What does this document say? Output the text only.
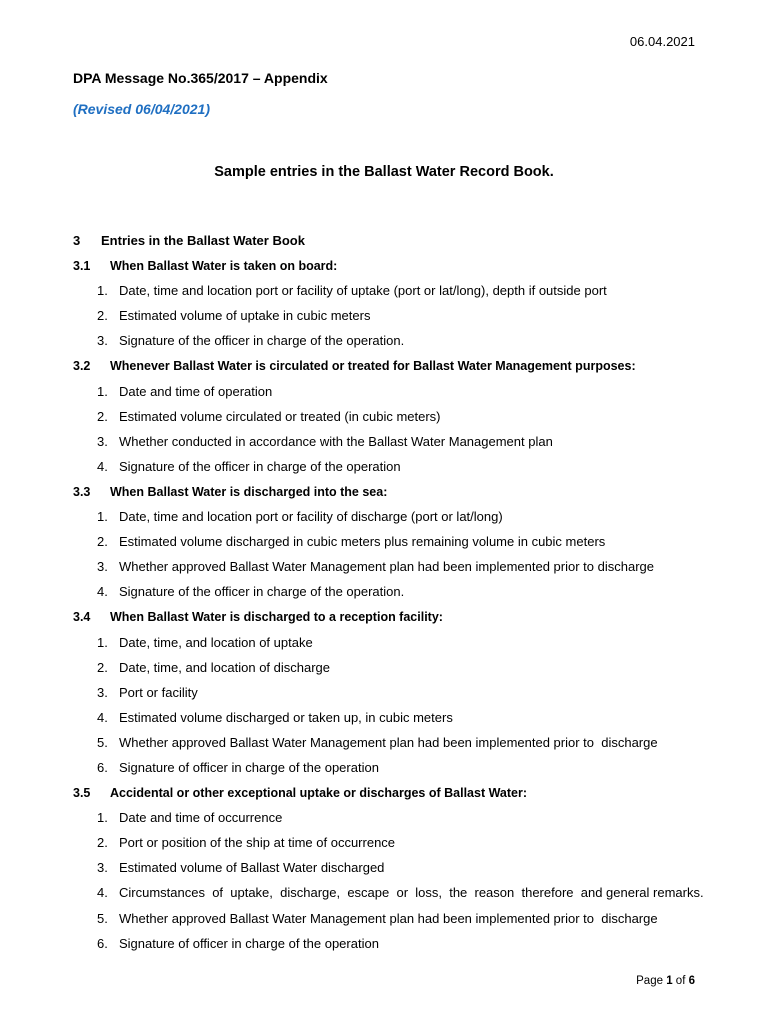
06.04.2021
DPA Message No.365/2017 – Appendix
(Revised 06/04/2021)
Sample entries in the Ballast Water Record Book.
3 Entries in the Ballast Water Book
3.1 When Ballast Water is taken on board:
1. Date, time and location port or facility of uptake (port or lat/long), depth if outside port
2. Estimated volume of uptake in cubic meters
3. Signature of the officer in charge of the operation.
3.2 Whenever Ballast Water is circulated or treated for Ballast Water Management purposes:
1. Date and time of operation
2. Estimated volume circulated or treated (in cubic meters)
3. Whether conducted in accordance with the Ballast Water Management plan
4. Signature of the officer in charge of the operation
3.3 When Ballast Water is discharged into the sea:
1. Date, time and location port or facility of discharge (port or lat/long)
2. Estimated volume discharged in cubic meters plus remaining volume in cubic meters
3. Whether approved Ballast Water Management plan had been implemented prior to discharge
4. Signature of the officer in charge of the operation.
3.4 When Ballast Water is discharged to a reception facility:
1. Date, time, and location of uptake
2. Date, time, and location of discharge
3. Port or facility
4. Estimated volume discharged or taken up, in cubic meters
5. Whether approved Ballast Water Management plan had been implemented prior to  discharge
6. Signature of officer in charge of the operation
3.5 Accidental or other exceptional uptake or discharges of Ballast Water:
1. Date and time of occurrence
2. Port or position of the ship at time of occurrence
3. Estimated volume of Ballast Water discharged
4. Circumstances  of  uptake,  discharge,  escape  or  loss,  the  reason  therefore  and general remarks.
5. Whether approved Ballast Water Management plan had been implemented prior to  discharge
6. Signature of officer in charge of the operation
Page 1 of 6
